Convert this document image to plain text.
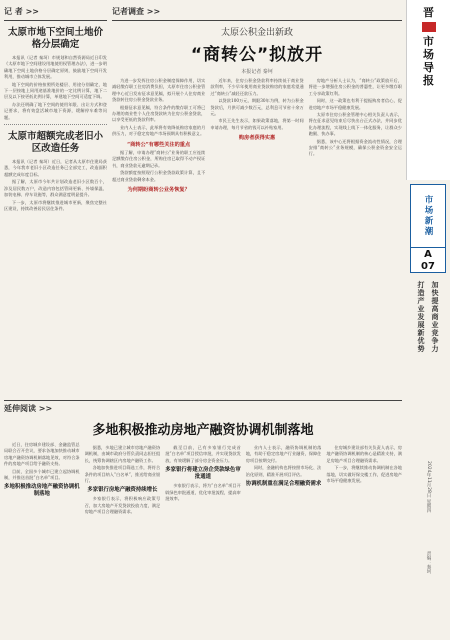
记 者 >>
太原市地下空间土地价格分层确定

本报讯（记者 秦坷）市规划和自然资源局近日印发《太原市地下空间建设用地使用权管理办法》，进一步明确地下空间土地价格分层确定原则，鼓励地下空间开发利用，推动城市立体发展。

地下空间的价格按照所处楼层、用途分别确定，地下一层按地上同用途基准地价的一定比例计算，地下二层及以下按更低比例计算，单建地下空间可适度下调。

办法还明确了地下空间的使用年限、出让方式和登记要求，将有效盘活城市地下资源，缓解停车难等问题。

太原市超额完成老旧小区改造任务

本报讯（记者 秦坷）近日，记者从太原市住建局获悉，今年我市老旧小区改造任务已全部完工，改造面积超额完成年度目标。

据了解，太原市今年共计划改造老旧小区数百个，涉及居民数万户，改造内容包括管网更新、外墙保温、加装电梯、停车设施等，群众满意度明显提升。

下一步，太原市将继续推进城市更新，聚焦完整社区建设，持续改善居民居住条件。

记者调查 >>
太原公积金出新政
“商转公”拟放开
本报记者 秦坷

为进一步发挥住房公积金制度保障作用，切实减轻缴存职工住房消费负担，太原市住房公积金管理中心近日发布征求意见稿，拟开展个人住房商业贷款转住房公积金贷款业务。

根据征求意见稿，符合条件的缴存职工可将已办理的商业性个人住房贷款转为住房公积金贷款，以享受更低的贷款利率。

业内人士表示，此举将有效降低购房家庭的月供压力，对于稳定房地产市场预期具有积极意义。

“商转公”有哪些关注的重点

据了解，申请办理“商转公”业务的职工应连续足额缴存住房公积金，所购住房已取得不动产权证书，商业贷款无逾期记录。

贷款额度按照现行公积金贷款政策计算，且不超过商业贷款剩余本金。

为何期盼商转公业务恢复？

近年来，住房公积金贷款利率持续低于商业贷款利率，不少早年使用商业贷款购房的家庭希望通过“商转公”减轻还款压力。

以贷款100万元、期限30年为例，转为公积金贷款后，月供可减少数百元，总利息可节省十余万元。

市民王先生表示，如果政策落地，将第一时间申请办理，每月节省的钱可以补贴家用。

购房者获得实惠

房地产分析人士认为，“商转公”政策放开后，将进一步增强住房公积金的普惠性，让更多缴存职工分享政策红利。

同时，这一政策也有利于提振购房者信心，促进房地产市场平稳健康发展。

太原市住房公积金管理中心相关负责人表示，将在征求意见结束后尽快出台正式办法，并同步优化办理流程，实现线上线下一体化服务，让群众少跑腿、快办事。

据悉，该中心还将根据资金流动性情况，合理安排“商转公”业务规模，确保公积金资金安全运行。

晋
市
场
导
报
市场新潮
A
07
打造产业发展新优势 加快提高商业竞争力
2024年11月28日 星期四
责编：秦坷
延伸阅读 >>
多地积极推动房地产融资协调机制落地

近日，住房城乡建设部、金融监管总局联合召开会议，要求各地加快推动城市房地产融资协调机制落地见效，对符合条件的房地产项目给予融资支持。

目前，全国多个城市已建立起协调机制，并推送首批“白名单”项目。

多地积极推动房地产融资协调机制落地

据悉，多地已建立城市房地产融资协调机制，由城市政府分管负责同志担任组长，统筹协调辖区内房地产融资工作。

各地加快推进项目筛选工作，将符合条件的项目纳入“白名单”，推送给商业银行。

多家银行房地产融资持续增长

多家银行表示，将积极响应政策号召，加大房地产开发贷款投放力度，满足房地产项目合理融资需求。

截至目前，已有多家银行完成首批“白名单”项目授信审批，并实现贷款发放，有效缓解了部分房企资金压力。

多家银行将建立房企贷款绿色审批通道

多家银行表示，将为“白名单”项目开辟绿色审批通道，优化审批流程，提高审批效率。

业内人士表示，融资协调机制的落地，有助于稳定房地产行业融资，保障住房项目按期交付。

同时，金融机构也将按照市场化、法治化原则，精准开展项目评估。

协调机制重在满足合理融资需求

住房城乡建设部有关负责人表示，房地产融资协调机制的核心是精准支持，满足房地产项目合理融资需求。

下一步，将继续推动协调机制在各地落地，切实做好保交楼工作，促进房地产市场平稳健康发展。
